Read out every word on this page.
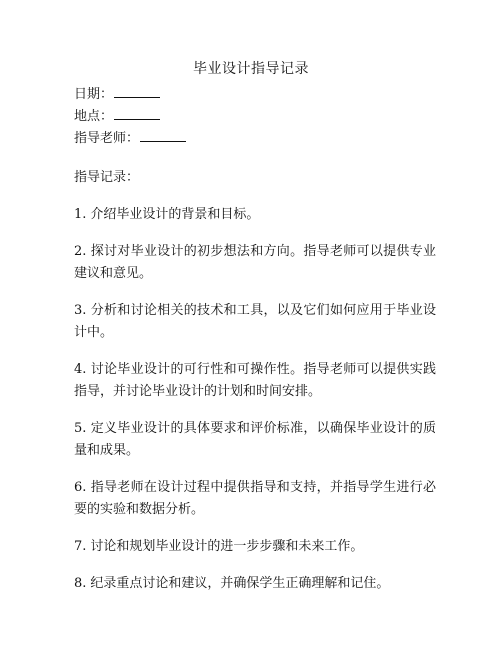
毕业设计指导记录
日期：
地点：
指导老师：
指导记录：
1. 介绍毕业设计的背景和目标。
2. 探讨对毕业设计的初步想法和方向。指导老师可以提供专业建议和意见。
3. 分析和讨论相关的技术和工具，以及它们如何应用于毕业设计中。
4. 讨论毕业设计的可行性和可操作性。指导老师可以提供实践指导，并讨论毕业设计的计划和时间安排。
5. 定义毕业设计的具体要求和评价标准，以确保毕业设计的质量和成果。
6. 指导老师在设计过程中提供指导和支持，并指导学生进行必要的实验和数据分析。
7. 讨论和规划毕业设计的进一步步骤和未来工作。
8. 纪录重点讨论和建议，并确保学生正确理解和记住。
